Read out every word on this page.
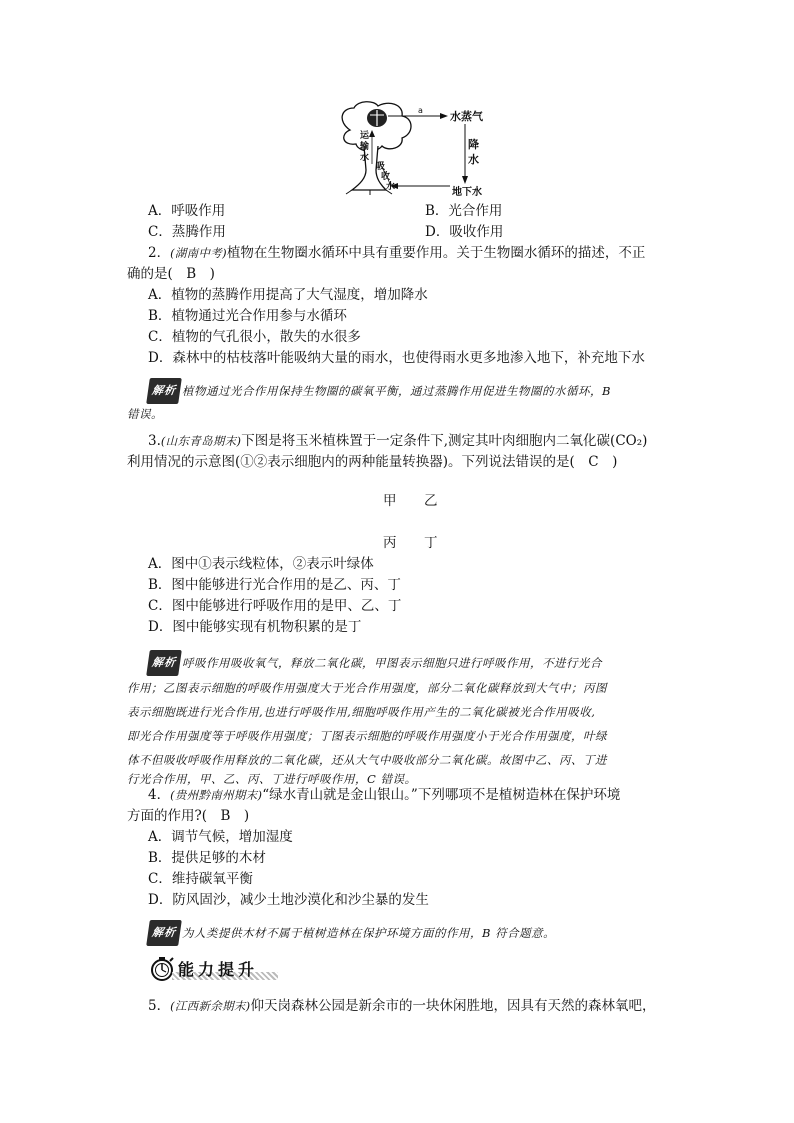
a 水蒸气
降
水
地下水
运
输
水
吸
收
水
A．呼吸作用	B．光合作用
C．蒸腾作用	D．吸收作用
2．(湖南中考)植物在生物圈水循环中具有重要作用。关于生物圈水循环的描述，不正
确的是(　B　)
A．植物的蒸腾作用提高了大气湿度，增加降水
B．植物通过光合作用参与水循环
C．植物的气孔很小，散失的水很多
D．森林中的枯枝落叶能吸纳大量的雨水，也使得雨水更多地渗入地下，补充地下水
解析 植物通过光合作用保持生物圈的碳氧平衡，通过蒸腾作用促进生物圈的水循环，B
错误。
3.(山东青岛期末)下图是将玉米植株置于一定条件下,测定其叶肉细胞内二氧化碳(CO₂)
利用情况的示意图(①②表示细胞内的两种能量转换器)。下列说法错误的是(　C　)
甲 乙
丙 丁
A．图中①表示线粒体，②表示叶绿体
B．图中能够进行光合作用的是乙、丙、丁
C．图中能够进行呼吸作用的是甲、乙、丁
D．图中能够实现有机物积累的是丁
解析 呼吸作用吸收氧气，释放二氧化碳，甲图表示细胞只进行呼吸作用，不进行光合
作用；乙图表示细胞的呼吸作用强度大于光合作用强度，部分二氧化碳释放到大气中；丙图
表示细胞既进行光合作用,也进行呼吸作用,细胞呼吸作用产生的二氧化碳被光合作用吸收,
即光合作用强度等于呼吸作用强度；丁图表示细胞的呼吸作用强度小于光合作用强度，叶绿
体不但吸收呼吸作用释放的二氧化碳，还从大气中吸收部分二氧化碳。故图中乙、丙、丁进
行光合作用，甲、乙、丙、丁进行呼吸作用，C 错误。
4．(贵州黔南州期末)“绿水青山就是金山银山。”下列哪项不是植树造林在保护环境
方面的作用?(　B　)
A．调节气候，增加湿度
B．提供足够的木材
C．维持碳氧平衡
D．防风固沙，减少土地沙漠化和沙尘暴的发生
解析 为人类提供木材不属于植树造林在保护环境方面的作用，B 符合题意。
能力提升
5．(江西新余期末)仰天岗森林公园是新余市的一块休闲胜地，因具有天然的森林氧吧，
